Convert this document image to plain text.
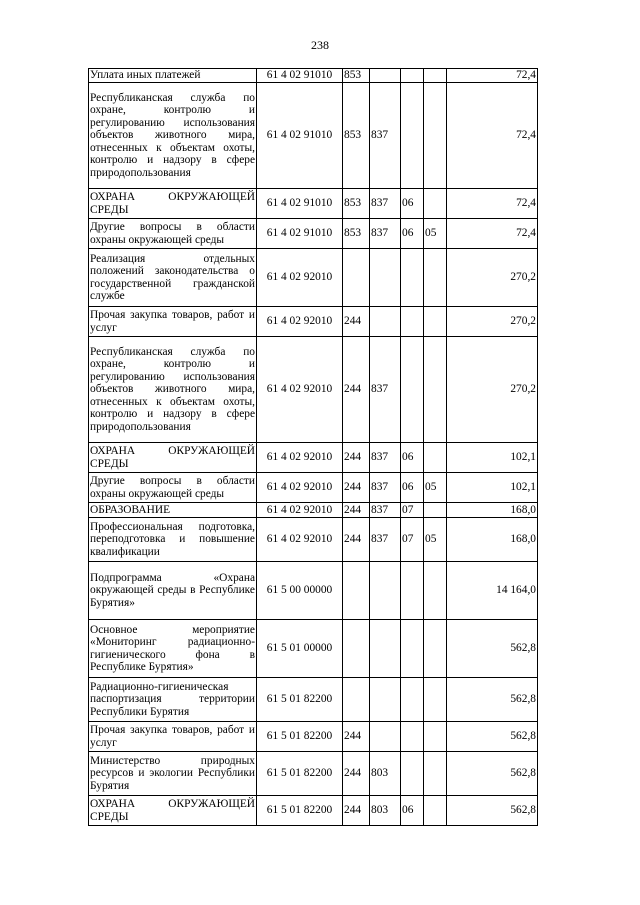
238
Уплата иных платежей	61 4 02 91010	853				72,4
Республиканская служба по охране, контролю и регулированию использования объектов животного мира, отнесенных к объектам охоты, контролю и надзору в сфере природопользования	61 4 02 91010	853	837			72,4
ОХРАНА ОКРУЖАЮЩЕЙ СРЕДЫ	61 4 02 91010	853	837	06		72,4
Другие вопросы в области охраны окружающей среды	61 4 02 91010	853	837	06	05	72,4
Реализация отдельных положений законодательства о государственной гражданской службе	61 4 02 92010					270,2
Прочая закупка товаров, работ и услуг	61 4 02 92010	244				270,2
Республиканская служба по охране, контролю и регулированию использования объектов животного мира, отнесенных к объектам охоты, контролю и надзору в сфере природопользования	61 4 02 92010	244	837			270,2
ОХРАНА ОКРУЖАЮЩЕЙ СРЕДЫ	61 4 02 92010	244	837	06		102,1
Другие вопросы в области охраны окружающей среды	61 4 02 92010	244	837	06	05	102,1
ОБРАЗОВАНИЕ	61 4 02 92010	244	837	07		168,0
Профессиональная подготовка, переподготовка и повышение квалификации	61 4 02 92010	244	837	07	05	168,0
Подпрограмма «Охрана окружающей среды в Республике Бурятия»	61 5 00 00000					14 164,0
Основное мероприятие «Мониторинг радиационно-гигиенического фона в Республике Бурятия»	61 5 01 00000					562,8
Радиационно-гигиеническая паспортизация территории Республики Бурятия	61 5 01 82200					562,8
Прочая закупка товаров, работ и услуг	61 5 01 82200	244				562,8
Министерство природных ресурсов и экологии Республики Бурятия	61 5 01 82200	244	803			562,8
ОХРАНА ОКРУЖАЮЩЕЙ СРЕДЫ	61 5 01 82200	244	803	06		562,8
